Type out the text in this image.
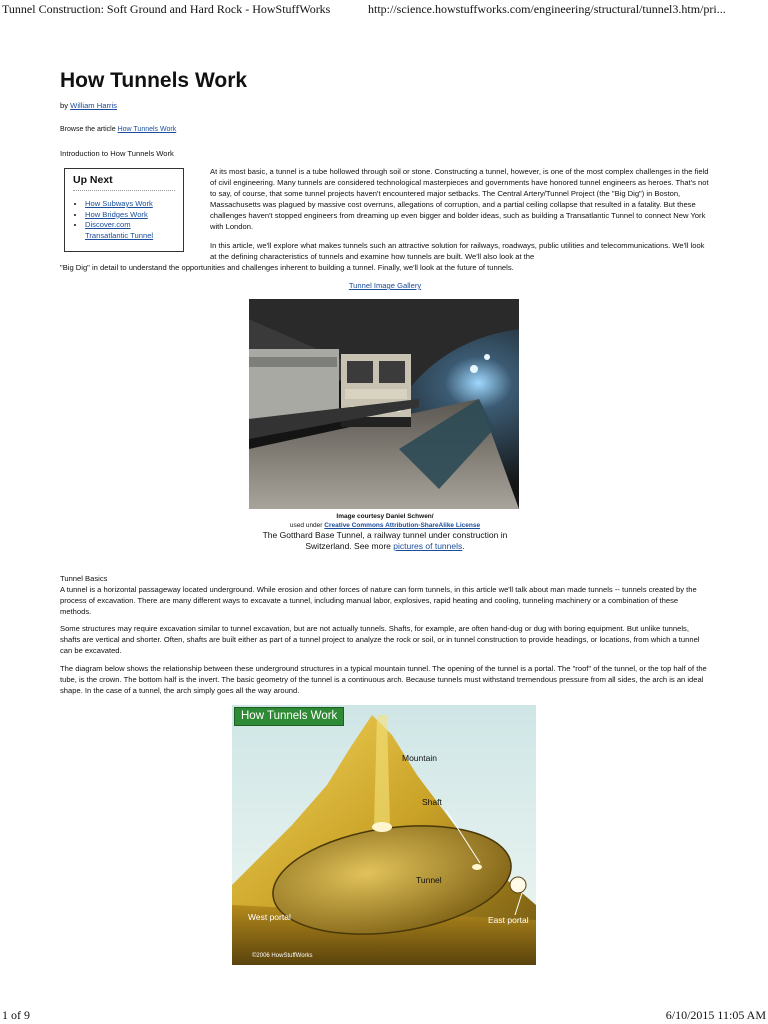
Tunnel Construction: Soft Ground and Hard Rock - HowStuffWorks	http://science.howstuffworks.com/engineering/structural/tunnel3.htm/pri...
How Tunnels Work
by William Harris
Browse the article How Tunnels Work
Introduction to How Tunnels Work
Up Next
• How Subways Work
• How Bridges Work
• Discover.com Transatlantic Tunnel
At its most basic, a tunnel is a tube hollowed through soil or stone. Constructing a tunnel, however, is one of the most complex challenges in the field of civil engineering. Many tunnels are considered technological masterpieces and governments have honored tunnel engineers as heroes. That's not to say, of course, that some tunnel projects haven't encountered major setbacks. The Central Artery/Tunnel Project (the "Big Dig") in Boston, Massachusetts was plagued by massive cost overruns, allegations of corruption, and a partial ceiling collapse that resulted in a fatality. But these challenges haven't stopped engineers from dreaming up even bigger and bolder ideas, such as building a Transatlantic Tunnel to connect New York with London.
In this article, we'll explore what makes tunnels such an attractive solution for railways, roadways, public utilities and telecommunications. We'll look at the defining characteristics of tunnels and examine how tunnels are built. We'll also look at the
"Big Dig" in detail to understand the opportunities and challenges inherent to building a tunnel. Finally, we'll look at the future of tunnels.
Tunnel Image Gallery
Image courtesy Daniel Schwen/
used under Creative Commons Attribution-ShareAlike License
The Gotthard Base Tunnel, a railway tunnel under construction in Switzerland. See more pictures of tunnels.
Tunnel Basics
A tunnel is a horizontal passageway located underground. While erosion and other forces of nature can form tunnels, in this article we'll talk about man made tunnels -- tunnels created by the process of excavation. There are many different ways to excavate a tunnel, including manual labor, explosives, rapid heating and cooling, tunneling machinery or a combination of these methods.
Some structures may require excavation similar to tunnel excavation, but are not actually tunnels. Shafts, for example, are often hand-dug or dug with boring equipment. But unlike tunnels, shafts are vertical and shorter. Often, shafts are built either as part of a tunnel project to analyze the rock or soil, or in tunnel construction to provide headings, or locations, from which a tunnel can be excavated.
The diagram below shows the relationship between these underground structures in a typical mountain tunnel. The opening of the tunnel is a portal. The "roof" of the tunnel, or the top half of the tube, is the crown. The bottom half is the invert. The basic geometry of the tunnel is a continuous arch. Because tunnels must withstand tremendous pressure from all sides, the arch is an ideal shape. In the case of a tunnel, the arch simply goes all the way around.
How Tunnels Work
Mountain
Shaft
Tunnel
West portal	East portal
©2006 HowStuffWorks
1 of 9	6/10/2015 11:05 AM
